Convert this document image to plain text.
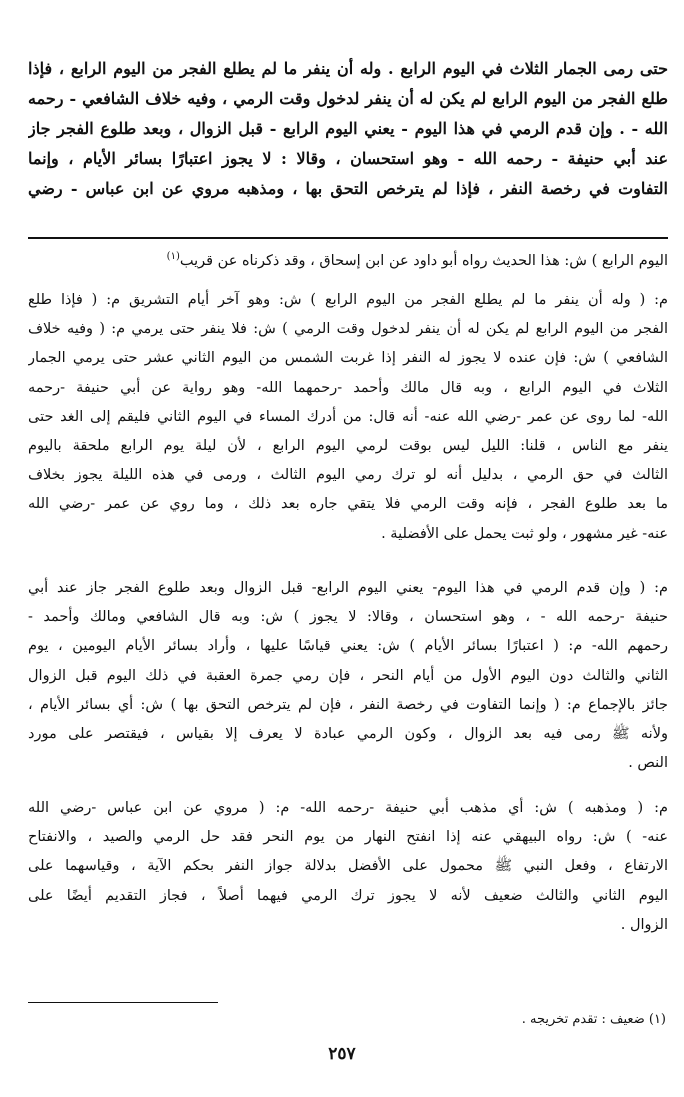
حتى رمى الجمار الثلاث في اليوم الرابع . وله أن ينفر ما لم يطلع الفجر من اليوم الرابع ، فإذا
طلع الفجر من اليوم الرابع لم يكن له أن ينفر لدخول وقت الرمي ، وفيه خلاف الشافعي - رحمه
الله - . وإن قدم الرمي في هذا اليوم - يعني اليوم الرابع - قبل الزوال ، وبعد طلوع الفجر جاز
عند أبي حنيفة - رحمه الله - وهو استحسان ، وقالا : لا يجوز اعتبارًا بسائر الأيام ، وإنما
التفاوت في رخصة النفر ، فإذا لم يترخص التحق بها ، ومذهبه مروي عن ابن عباس - رضي
اليوم الرابع ) ش: هذا الحديث رواه أبو داود عن ابن إسحاق ، وقد ذكرناه عن قريب$^{(١)}$
م: ( وله أن ينفر ما لم يطلع الفجر من اليوم الرابع ) ش: وهو آخر أيام التشريق م: ( فإذا طلع
الفجر من اليوم الرابع لم يكن له أن ينفر لدخول وقت الرمي ) ش: فلا ينفر حتى يرمي م: ( وفيه خلاف
الشافعي ) ش: فإن عنده لا يجوز له النفر إذا غربت الشمس من اليوم الثاني عشر حتى يرمي الجمار
الثلاث في اليوم الرابع ، وبه قال مالك وأحمد -رحمهما الله- وهو رواية عن أبي حنيفة -رحمه
الله- لما روى عن عمر -رضي الله عنه- أنه قال: من أدرك المساء في اليوم الثاني فليقم إلى الغد حتى
ينفر مع الناس ، قلنا: الليل ليس بوقت لرمي اليوم الرابع ، لأن ليلة يوم الرابع ملحقة باليوم
الثالث في حق الرمي ، بدليل أنه لو ترك رمي اليوم الثالث ، ورمى في هذه الليلة يجوز بخلاف
ما بعد طلوع الفجر ، فإنه وقت الرمي فلا يتقي جاره بعد ذلك ، وما روي عن عمر -رضي الله
عنه- غير مشهور ، ولو ثبت يحمل على الأفضلية .
م: ( وإن قدم الرمي في هذا اليوم- يعني اليوم الرابع- قبل الزوال وبعد طلوع الفجر جاز عند أبي
حنيفة -رحمه الله - ، وهو استحسان ، وقالا: لا يجوز ) ش: وبه قال الشافعي ومالك وأحمد -
رحمهم الله- م: ( اعتبارًا بسائر الأيام ) ش: يعني قياسًا عليها ، وأراد بسائر الأيام اليومين ، يوم
الثاني والثالث دون اليوم الأول من أيام النحر ، فإن رمي جمرة العقبة في ذلك اليوم قبل الزوال
جائز بالإجماع م: ( وإنما التفاوت في رخصة النفر ، فإن لم يترخص التحق بها ) ش: أي بسائر الأيام ،
ولأنه ﷺ رمى فيه بعد الزوال ، وكون الرمي عبادة لا يعرف إلا بقياس ، فيقتصر على مورد
النص .
م: ( ومذهبه ) ش: أي مذهب أبي حنيفة -رحمه الله- م: ( مروي عن ابن عباس -رضي الله
عنه- ) ش: رواه البيهقي عنه إذا انفتح النهار من يوم النحر فقد حل الرمي والصيد ، والانفتاح
الارتفاع ، وفعل النبي ﷺ محمول على الأفضل بدلالة جواز النفر بحكم الآية ، وقياسهما على
اليوم الثاني والثالث ضعيف لأنه لا يجوز ترك الرمي فيهما أصلاً ، فجاز التقديم أيضًا على
الزوال .
(١) ضعيف : تقدم تخريجه .
٢٥٧
